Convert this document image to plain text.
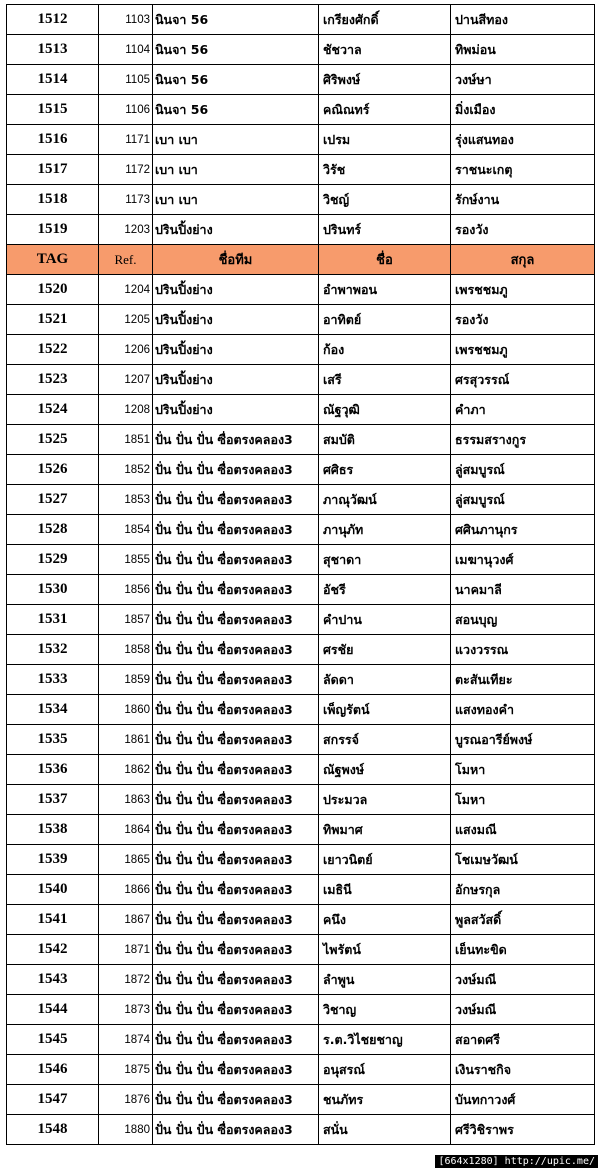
1512	1103	นินจา 56	เกรียงศักดิ์	ปานสีทอง
1513	1104	นินจา 56	ชัชวาล	ทิพม่อน
1514	1105	นินจา 56	ศิริพงษ์	วงษ์ษา
1515	1106	นินจา 56	คณิณทร์	มิ่งเมือง
1516	1171	เบา เบา	เปรม	รุ่งแสนทอง
1517	1172	เบา เบา	วิรัช	ราชนะเกตุ
1518	1173	เบา เบา	วิชญ์	รักษ์งาน
1519	1203	ปรินปิ้งย่าง	ปรินทร์	รองวัง
TAG	Ref.	ชื่อทีม	ชื่อ	สกุล
1520	1204	ปรินปิ้งย่าง	อำพาพอน	เพรชชมภู
1521	1205	ปรินปิ้งย่าง	อาทิตย์	รองวัง
1522	1206	ปรินปิ้งย่าง	ก้อง	เพรชชมภู
1523	1207	ปรินปิ้งย่าง	เสรี	ศรสุวรรณ์
1524	1208	ปรินปิ้งย่าง	ณัฐวุฒิ	คำภา
1525	1851	ปั่น ปั่น ปั่น ซื่อตรงคลอง3	สมบัติ	ธรรมสรางกูร
1526	1852	ปั่น ปั่น ปั่น ซื่อตรงคลอง3	ศศิธร	ลู่สมบูรณ์
1527	1853	ปั่น ปั่น ปั่น ซื่อตรงคลอง3	ภาณุวัฒน์	ลู่สมบูรณ์
1528	1854	ปั่น ปั่น ปั่น ซื่อตรงคลอง3	ภานุภัท	ศศินภานุกร
1529	1855	ปั่น ปั่น ปั่น ซื่อตรงคลอง3	สุชาดา	เมฆานุวงศ์
1530	1856	ปั่น ปั่น ปั่น ซื่อตรงคลอง3	อัชรี	นาคมาลี
1531	1857	ปั่น ปั่น ปั่น ซื่อตรงคลอง3	คำปาน	สอนบุญ
1532	1858	ปั่น ปั่น ปั่น ซื่อตรงคลอง3	ศรชัย	แวงวรรณ
1533	1859	ปั่น ปั่น ปั่น ซื่อตรงคลอง3	ลัดดา	ตะสันเทียะ
1534	1860	ปั่น ปั่น ปั่น ซื่อตรงคลอง3	เพ็ญรัตน์	แสงทองคำ
1535	1861	ปั่น ปั่น ปั่น ซื่อตรงคลอง3	สกรรจ์	บูรณอารีย์พงษ์
1536	1862	ปั่น ปั่น ปั่น ซื่อตรงคลอง3	ณัฐพงษ์	โมหา
1537	1863	ปั่น ปั่น ปั่น ซื่อตรงคลอง3	ประมวล	โมหา
1538	1864	ปั่น ปั่น ปั่น ซื่อตรงคลอง3	ทิพมาศ	แสงมณี
1539	1865	ปั่น ปั่น ปั่น ซื่อตรงคลอง3	เยาวนิตย์	โชเมษวัฒน์
1540	1866	ปั่น ปั่น ปั่น ซื่อตรงคลอง3	เมธินี	อักษรกุล
1541	1867	ปั่น ปั่น ปั่น ซื่อตรงคลอง3	คนึง	พูลสวัสดิ์
1542	1871	ปั่น ปั่น ปั่น ซื่อตรงคลอง3	ไพรัตน์	เย็นทะขิด
1543	1872	ปั่น ปั่น ปั่น ซื่อตรงคลอง3	ลำพูน	วงษ์มณี
1544	1873	ปั่น ปั่น ปั่น ซื่อตรงคลอง3	วิชาญ	วงษ์มณี
1545	1874	ปั่น ปั่น ปั่น ซื่อตรงคลอง3	ร.ต.วิไชยชาญ	สอาดศรี
1546	1875	ปั่น ปั่น ปั่น ซื่อตรงคลอง3	อนุสรณ์	เงินราชกิจ
1547	1876	ปั่น ปั่น ปั่น ซื่อตรงคลอง3	ชนภัทร	บันทกาวงศ์
1548	1880	ปั่น ปั่น ปั่น ซื่อตรงคลอง3	สนั่น	ศรีวิชิราพร
[664x1280] http://upic.me/
